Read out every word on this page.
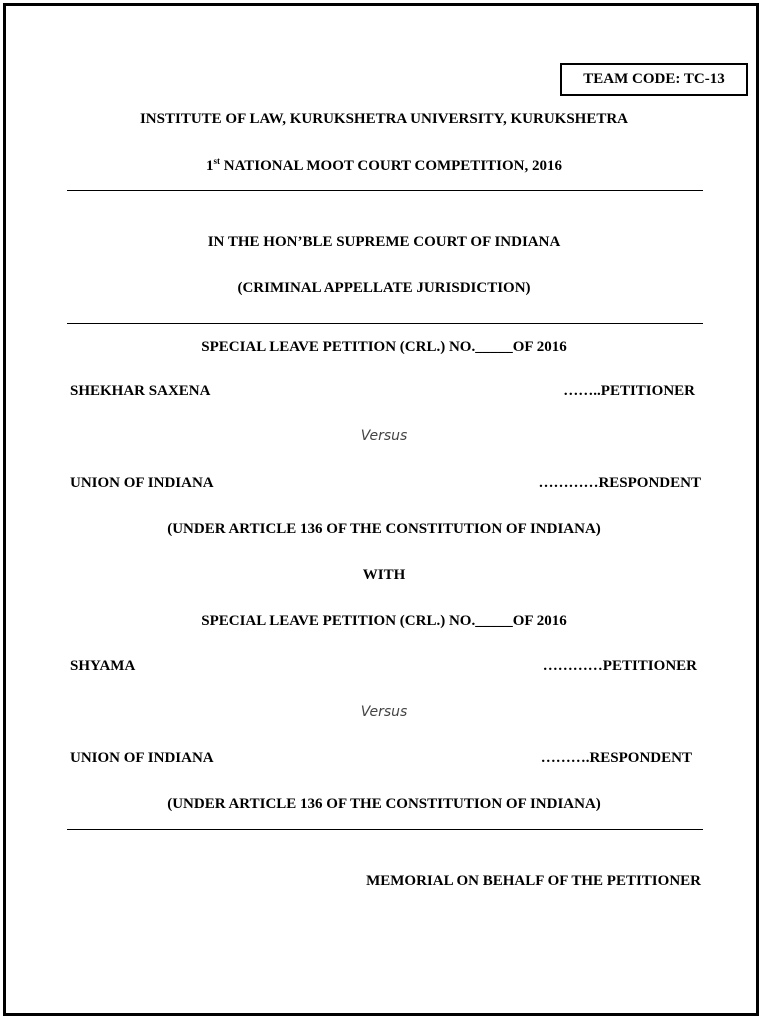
TEAM CODE: TC-13
INSTITUTE OF LAW, KURUKSHETRA UNIVERSITY, KURUKSHETRA
1st NATIONAL MOOT COURT COMPETITION, 2016
IN THE HON’BLE SUPREME COURT OF INDIANA
(CRIMINAL APPELLATE JURISDICTION)
SPECIAL LEAVE PETITION (CRL.) NO._____OF 2016
SHEKHAR SAXENA	……..PETITIONER
Versus
UNION OF INDIANA	…………RESPONDENT
(UNDER ARTICLE 136 OF THE CONSTITUTION OF INDIANA)
WITH
SPECIAL LEAVE PETITION (CRL.) NO._____OF 2016
SHYAMA	…………PETITIONER
Versus
UNION OF INDIANA	……….RESPONDENT
(UNDER ARTICLE 136 OF THE CONSTITUTION OF INDIANA)
MEMORIAL ON BEHALF OF THE PETITIONER
